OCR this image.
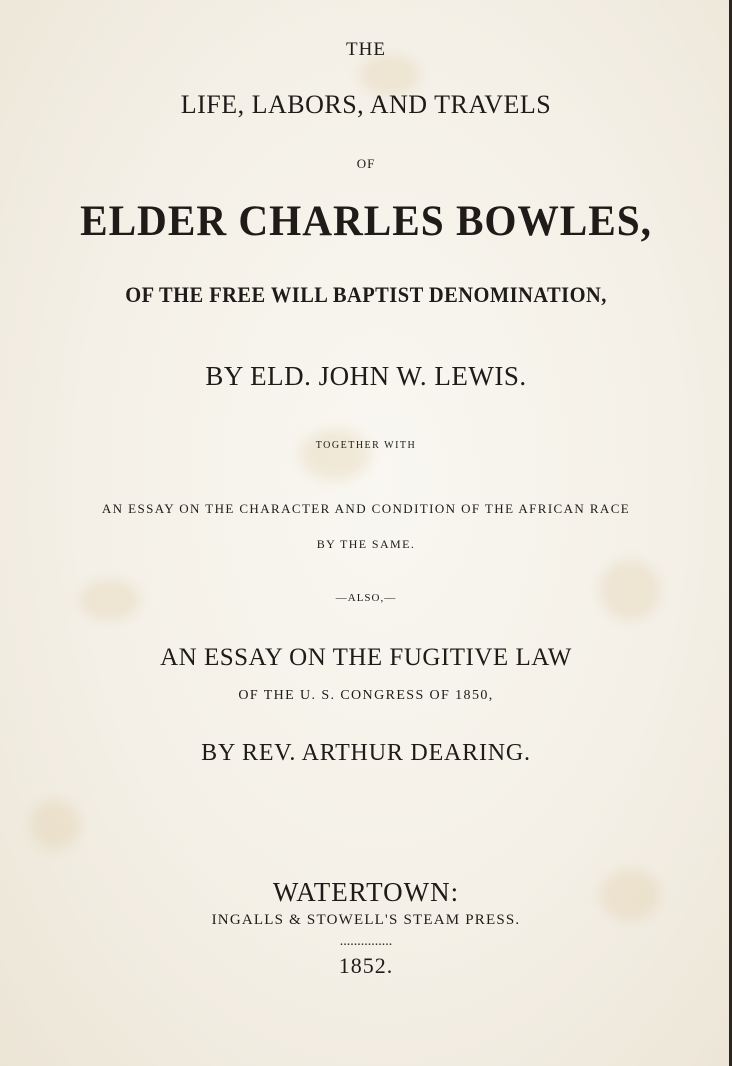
THE
LIFE, LABORS, AND TRAVELS
OF
ELDER CHARLES BOWLES,
OF THE FREE WILL BAPTIST DENOMINATION,
BY ELD. JOHN W. LEWIS.
TOGETHER WITH
AN ESSAY ON THE CHARACTER AND CONDITION OF THE AFRICAN RACE
BY THE SAME.
—ALSO,—
AN ESSAY ON THE FUGITIVE LAW
OF THE U. S. CONGRESS OF 1850,
BY REV. ARTHUR DEARING.
WATERTOWN:
INGALLS & STOWELL'S STEAM PRESS.
...............
1852.
